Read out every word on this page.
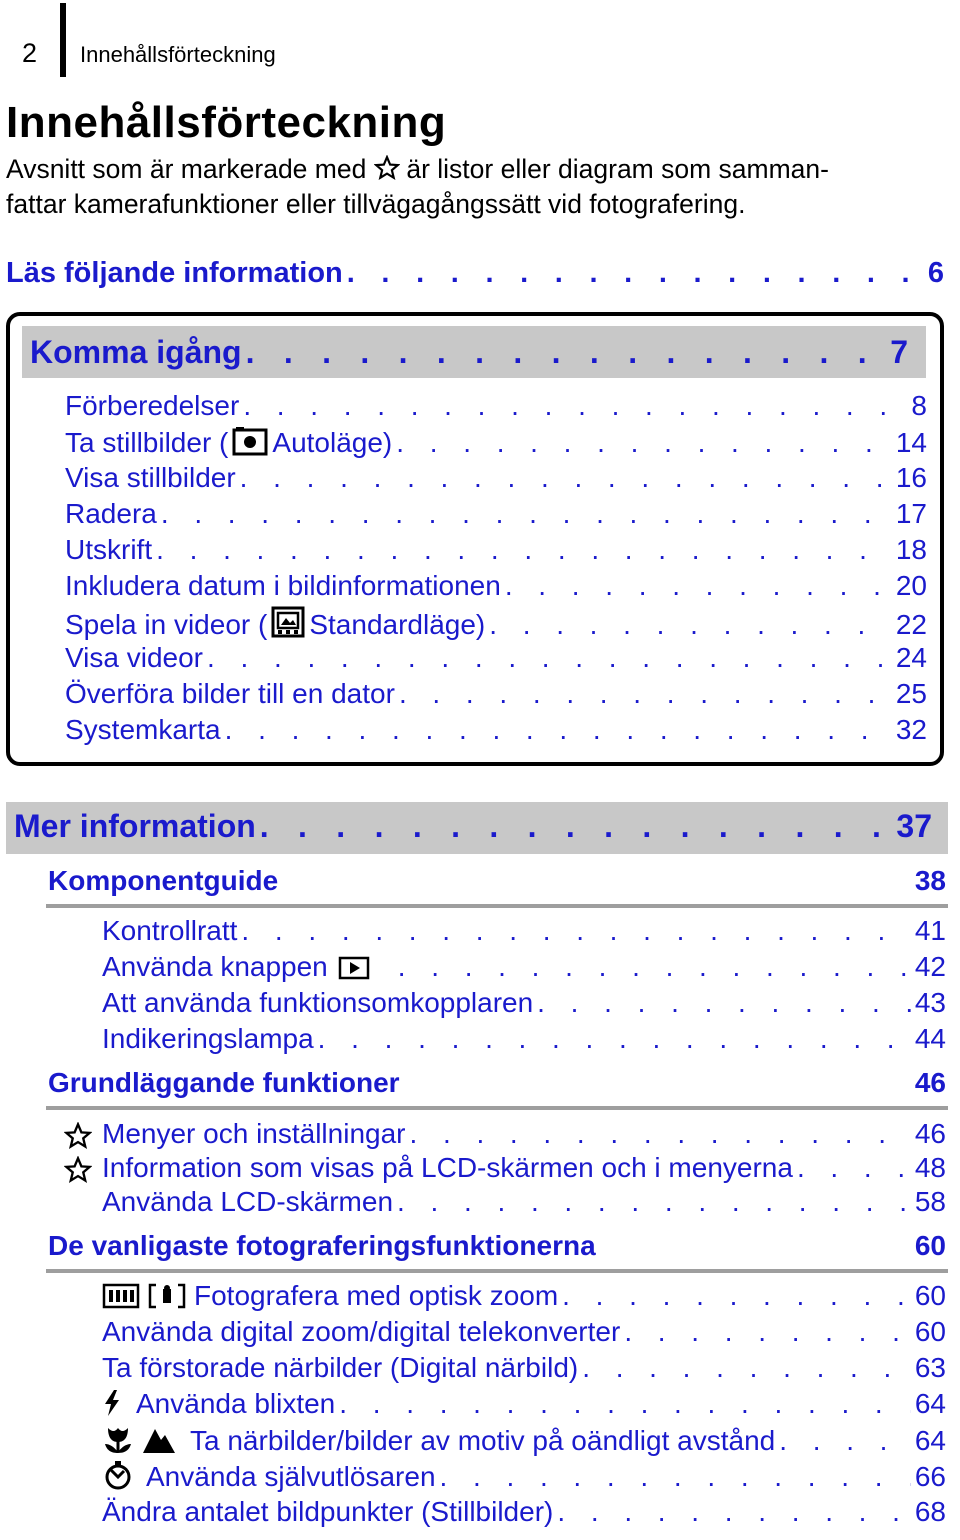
2 Innehållsförteckning
Innehållsförteckning
Avsnitt som är markerade med är listor eller diagram som samman-
fattar kamerafunktioner eller tillvägagångssätt vid fotografering.
Läs följande information . . .	6
Komma igång . . .	7
Förberedelser . . .	8
Ta stillbilder ( Autoläge) . . .	14
Visa stillbilder . . .	16
Radera . . .	17
Utskrift . . .	18
Inkludera datum i bildinformationen . . .	20
Spela in videor ( Standardläge) . . .	22
Visa videor . . .	24
Överföra bilder till en dator . . .	25
Systemkarta . . .	32
Mer information . . .	37
Komponentguide	38
Kontrollratt . . .	41
Använda knappen . . .	42
Att använda funktionsomkopplaren . . .	43
Indikeringslampa . . .	44
Grundläggande funktioner	46
Menyer och inställningar . . .	46
Information som visas på LCD-skärmen och i menyerna . . .	48
Använda LCD-skärmen . . .	58
De vanligaste fotograferingsfunktionerna	60
Fotografera med optisk zoom . . .	60
Använda digital zoom/digital telekonverter . . .	60
Ta förstorade närbilder (Digital närbild) . . .	63
Använda blixten . . .	64
Ta närbilder/bilder av motiv på oändligt avstånd . . .	64
Använda självutlösaren . . .	66
Ändra antalet bildpunkter (Stillbilder) . . .	68
